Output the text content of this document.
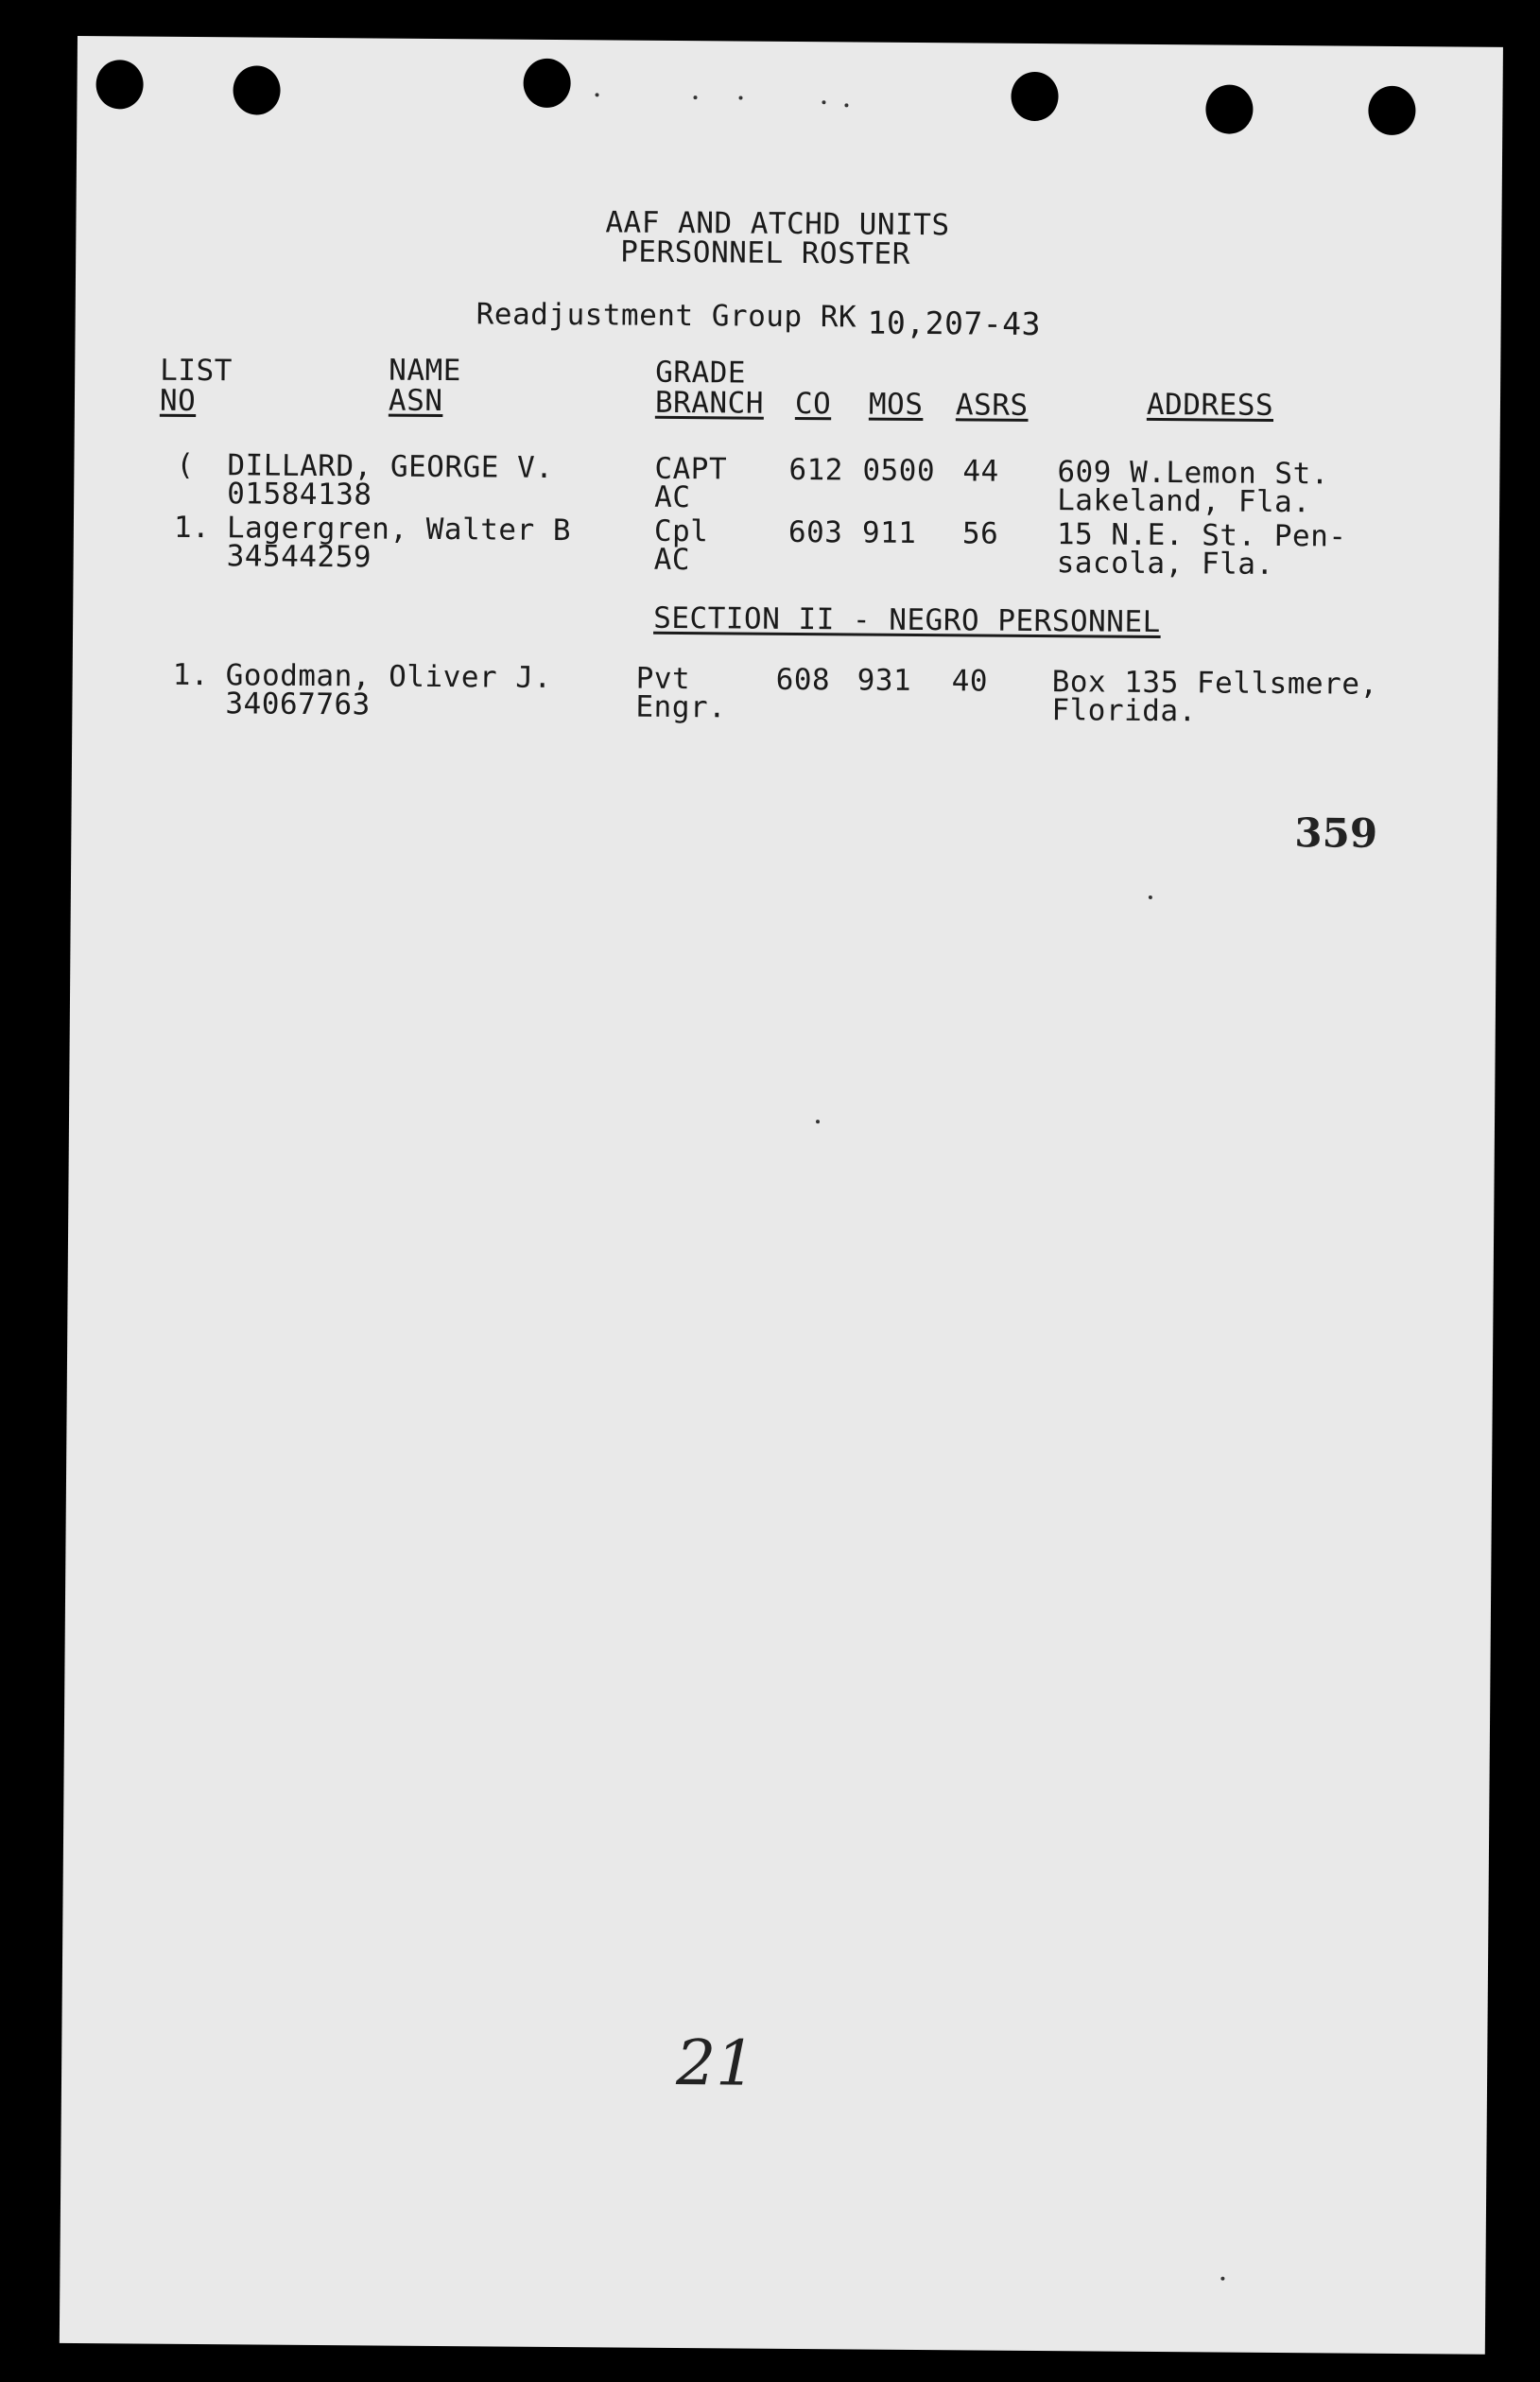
AAF AND ATCHD UNITS
PERSONNEL ROSTER
Readjustment Group RK 10,207-43
LIST
NO
NAME
ASN
GRADE
BRANCH CO MOS ASRS	ADDRESS
( DILLARD, GEORGE V.
01584138
CAPT
AC
612 0500 44 609 W.Lemon St.
Lakeland, Fla.
1. Lagergren, Walter B
34544259
Cpl
AC
603 911 56 15 N.E. St. Pen-
sacola, Fla.
SECTION II - NEGRO PERSONNEL
1. Goodman, Oliver J.
34067763
Pvt
Engr.
608 931 40 Box 135 Fellsmere,
Florida.
359
21
